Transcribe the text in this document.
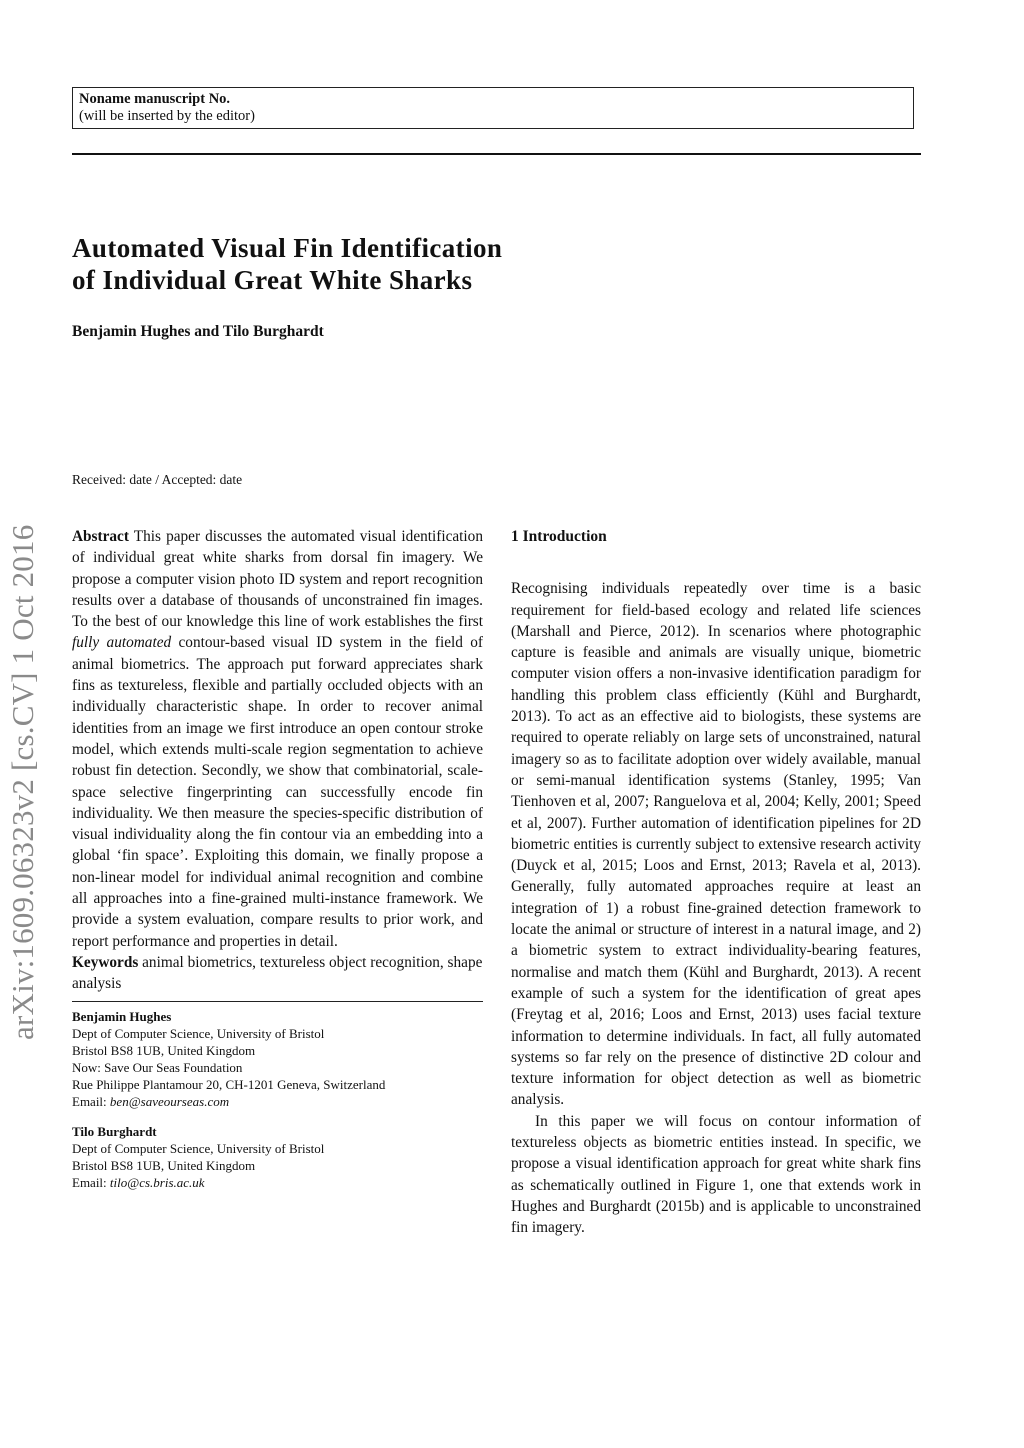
arXiv:1609.06323v2 [cs.CV] 1 Oct 2016
Noname manuscript No.
(will be inserted by the editor)
Automated Visual Fin Identification
of Individual Great White Sharks
Benjamin Hughes and Tilo Burghardt
Received: date / Accepted: date
Abstract This paper discusses the automated visual identification of individual great white sharks from dorsal fin imagery. We propose a computer vision photo ID system and report recognition results over a database of thousands of unconstrained fin images. To the best of our knowledge this line of work establishes the first fully automated contour-based visual ID system in the field of animal biometrics. The approach put forward appreciates shark fins as textureless, flexible and partially occluded objects with an individually characteristic shape. In order to recover animal identities from an image we first introduce an open contour stroke model, which extends multi-scale region segmentation to achieve robust fin detection. Secondly, we show that combinatorial, scale-space selective fingerprinting can successfully encode fin individuality. We then measure the species-specific distribution of visual individuality along the fin contour via an embedding into a global ‘fin space’. Exploiting this domain, we finally propose a non-linear model for individual animal recognition and combine all approaches into a fine-grained multi-instance framework. We provide a system evaluation, compare results to prior work, and report performance and properties in detail.
Keywords animal biometrics, textureless object recognition, shape analysis
Benjamin Hughes
Dept of Computer Science, University of Bristol
Bristol BS8 1UB, United Kingdom
Now: Save Our Seas Foundation
Rue Philippe Plantamour 20, CH-1201 Geneva, Switzerland
Email: ben@saveourseas.com
Tilo Burghardt
Dept of Computer Science, University of Bristol
Bristol BS8 1UB, United Kingdom
Email: tilo@cs.bris.ac.uk
1 Introduction

Recognising individuals repeatedly over time is a basic requirement for field-based ecology and related life sciences (Marshall and Pierce, 2012). In scenarios where photographic capture is feasible and animals are visually unique, biometric computer vision offers a non-invasive identification paradigm for handling this problem class efficiently (Kühl and Burghardt, 2013). To act as an effective aid to biologists, these systems are required to operate reliably on large sets of unconstrained, natural imagery so as to facilitate adoption over widely available, manual or semi-manual identification systems (Stanley, 1995; Van Tienhoven et al, 2007; Ranguelova et al, 2004; Kelly, 2001; Speed et al, 2007). Further automation of identification pipelines for 2D biometric entities is currently subject to extensive research activity (Duyck et al, 2015; Loos and Ernst, 2013; Ravela et al, 2013). Generally, fully automated approaches require at least an integration of 1) a robust fine-grained detection framework to locate the animal or structure of interest in a natural image, and 2) a biometric system to extract individuality-bearing features, normalise and match them (Kühl and Burghardt, 2013). A recent example of such a system for the identification of great apes (Freytag et al, 2016; Loos and Ernst, 2013) uses facial texture information to determine individuals. In fact, all fully automated systems so far rely on the presence of distinctive 2D colour and texture information for object detection as well as biometric analysis.

In this paper we will focus on contour information of textureless objects as biometric entities instead. In specific, we propose a visual identification approach for great white shark fins as schematically outlined in Figure 1, one that extends work in Hughes and Burghardt (2015b) and is applicable to unconstrained fin imagery.
